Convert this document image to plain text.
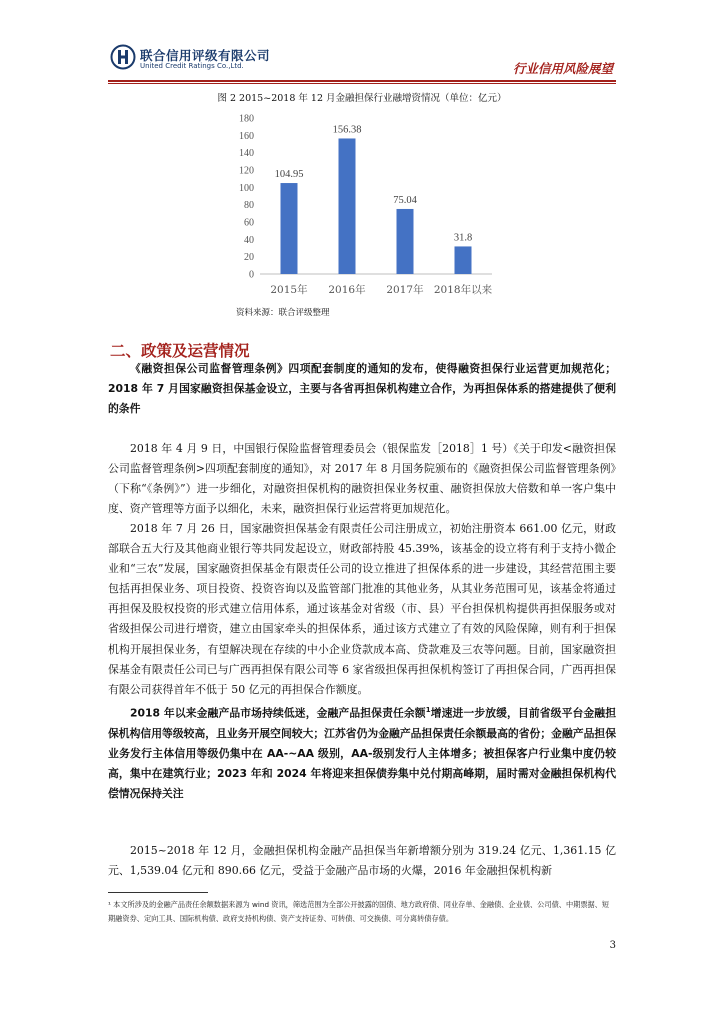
联合信用评级有限公司
United Credit Ratings Co.,Ltd.	行业信用风险展望
图 2 2015~2018 年 12 月金融担保行业融增资情况（单位：亿元）
0
20
40
60
80
100
120
140
160
180
2015年 2016年 2017年 2018年以来
104.95
156.38
75.04
31.8
资料来源：联合评级整理
二、政策及运营情况
《融资担保公司监督管理条例》四项配套制度的通知的发布，使得融资担保行业运营更加规范化；2018 年 7 月国家融资担保基金设立，主要与各省再担保机构建立合作，为再担保体系的搭建提供了便利的条件
2018 年 4 月 9 日，中国银行保险监督管理委员会（银保监发［2018］1 号）《关于印发<融资担保公司监督管理条例>四项配套制度的通知》，对 2017 年 8 月国务院颁布的《融资担保公司监督管理条例》（下称“《条例》”）进一步细化，对融资担保机构的融资担保业务权重、融资担保放大倍数和单一客户集中度、资产管理等方面予以细化，未来，融资担保行业运营将更加规范化。
2018 年 7 月 26 日，国家融资担保基金有限责任公司注册成立，初始注册资本 661.00 亿元，财政部联合五大行及其他商业银行等共同发起设立，财政部持股 45.39%，该基金的设立将有利于支持小微企业和“三农”发展，国家融资担保基金有限责任公司的设立推进了担保体系的进一步建设，其经营范围主要包括再担保业务、项目投资、投资咨询以及监管部门批准的其他业务，从其业务范围可见，该基金将通过再担保及股权投资的形式建立信用体系，通过该基金对省级（市、县）平台担保机构提供再担保服务或对省级担保公司进行增资，建立由国家牵头的担保体系，通过该方式建立了有效的风险保障，则有利于担保机构开展担保业务，有望解决现在存续的中小企业贷款成本高、贷款难及三农等问题。目前，国家融资担保基金有限责任公司已与广西再担保有限公司等 6 家省级担保再担保机构签订了再担保合同，广西再担保有限公司获得首年不低于 50 亿元的再担保合作额度。
2018 年以来金融产品市场持续低迷，金融产品担保责任余额$^1$增速进一步放缓，目前省级平台金融担保机构信用等级较高，且业务开展空间较大；江苏省仍为金融产品担保责任余额最高的省份；金融产品担保业务发行主体信用等级仍集中在 AA-~AA 级别，AA-级别发行人主体增多；被担保客户行业集中度仍较高，集中在建筑行业；2023 年和 2024 年将迎来担保债券集中兑付期高峰期，届时需对金融担保机构代偿情况保持关注
2015~2018 年 12 月，金融担保机构金融产品担保当年新增额分别为 319.24 亿元、1,361.15 亿元、1,539.04 亿元和 890.66 亿元，受益于金融产品市场的火爆，2016 年金融担保机构新
¹ 本文所涉及的金融产品责任余额数据来源为 wind 资讯，筛选范围为全部公开披露的国债、地方政府债、同业存单、金融债、企业债、公司债、中期票据、短期融资券、定向工具、国际机构债、政府支持机构债、资产支持证券、可转债、可交换债、可分离转债存债。
3
